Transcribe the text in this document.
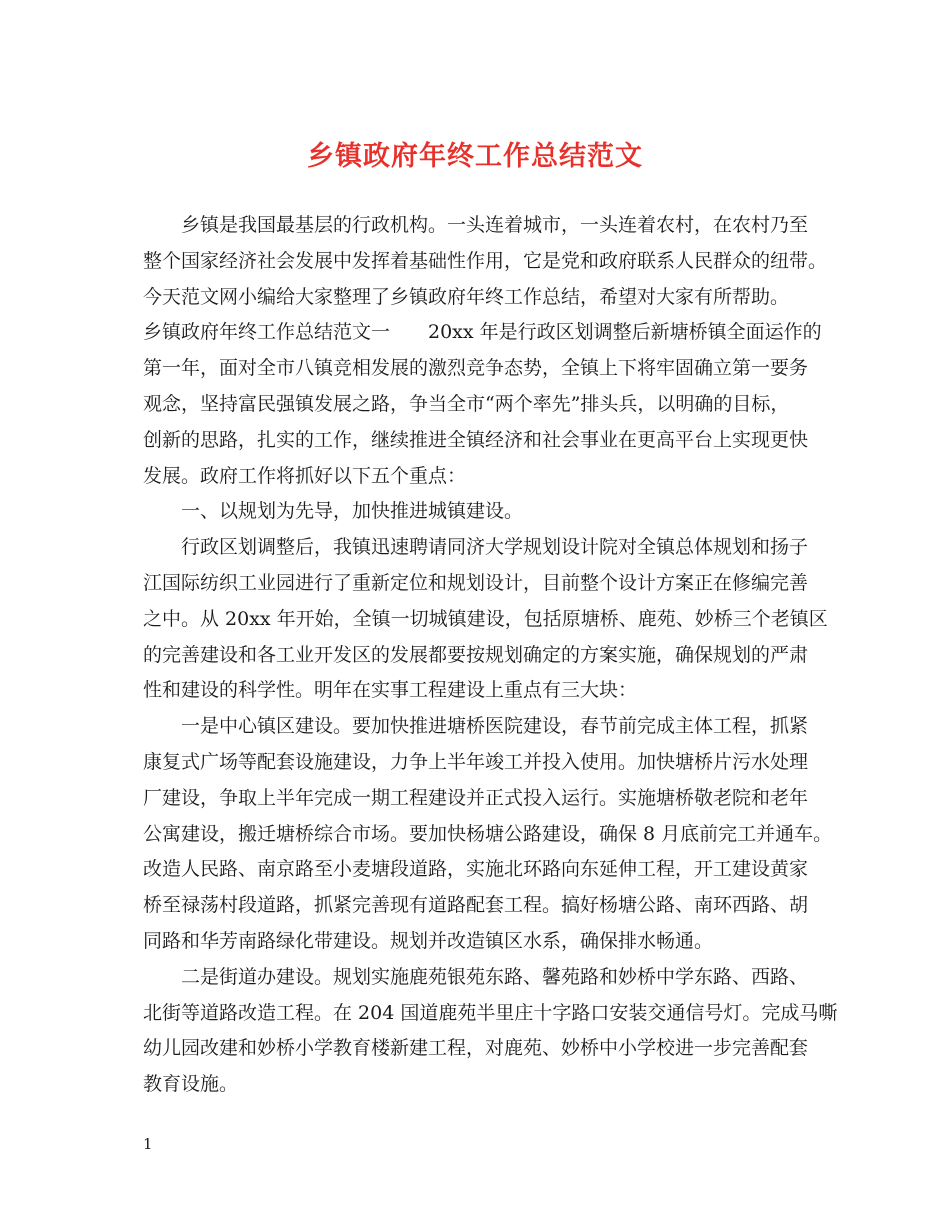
乡镇政府年终工作总结范文
乡镇是我国最基层的行政机构。一头连着城市，一头连着农村，在农村乃至
整个国家经济社会发展中发挥着基础性作用，它是党和政府联系人民群众的纽带。
今天范文网小编给大家整理了乡镇政府年终工作总结，希望对大家有所帮助。
乡镇政府年终工作总结范文一　　20xx 年是行政区划调整后新塘桥镇全面运作的
第一年，面对全市八镇竞相发展的激烈竞争态势，全镇上下将牢固确立第一要务
观念，坚持富民强镇发展之路，争当全市“两个率先”排头兵，以明确的目标，
创新的思路，扎实的工作，继续推进全镇经济和社会事业在更高平台上实现更快
发展。政府工作将抓好以下五个重点：
一、以规划为先导，加快推进城镇建设。
行政区划调整后，我镇迅速聘请同济大学规划设计院对全镇总体规划和扬子
江国际纺织工业园进行了重新定位和规划设计，目前整个设计方案正在修编完善
之中。从 20xx 年开始，全镇一切城镇建设，包括原塘桥、鹿苑、妙桥三个老镇区
的完善建设和各工业开发区的发展都要按规划确定的方案实施，确保规划的严肃
性和建设的科学性。明年在实事工程建设上重点有三大块：
一是中心镇区建设。要加快推进塘桥医院建设，春节前完成主体工程，抓紧
康复式广场等配套设施建设，力争上半年竣工并投入使用。加快塘桥片污水处理
厂建设，争取上半年完成一期工程建设并正式投入运行。实施塘桥敬老院和老年
公寓建设，搬迁塘桥综合市场。要加快杨塘公路建设，确保 8 月底前完工并通车。
改造人民路、南京路至小麦塘段道路，实施北环路向东延伸工程，开工建设黄家
桥至禄荡村段道路，抓紧完善现有道路配套工程。搞好杨塘公路、南环西路、胡
同路和华芳南路绿化带建设。规划并改造镇区水系，确保排水畅通。
二是街道办建设。规划实施鹿苑银苑东路、馨苑路和妙桥中学东路、西路、
北街等道路改造工程。在 204 国道鹿苑半里庄十字路口安装交通信号灯。完成马嘶
幼儿园改建和妙桥小学教育楼新建工程，对鹿苑、妙桥中小学校进一步完善配套
教育设施。
1
